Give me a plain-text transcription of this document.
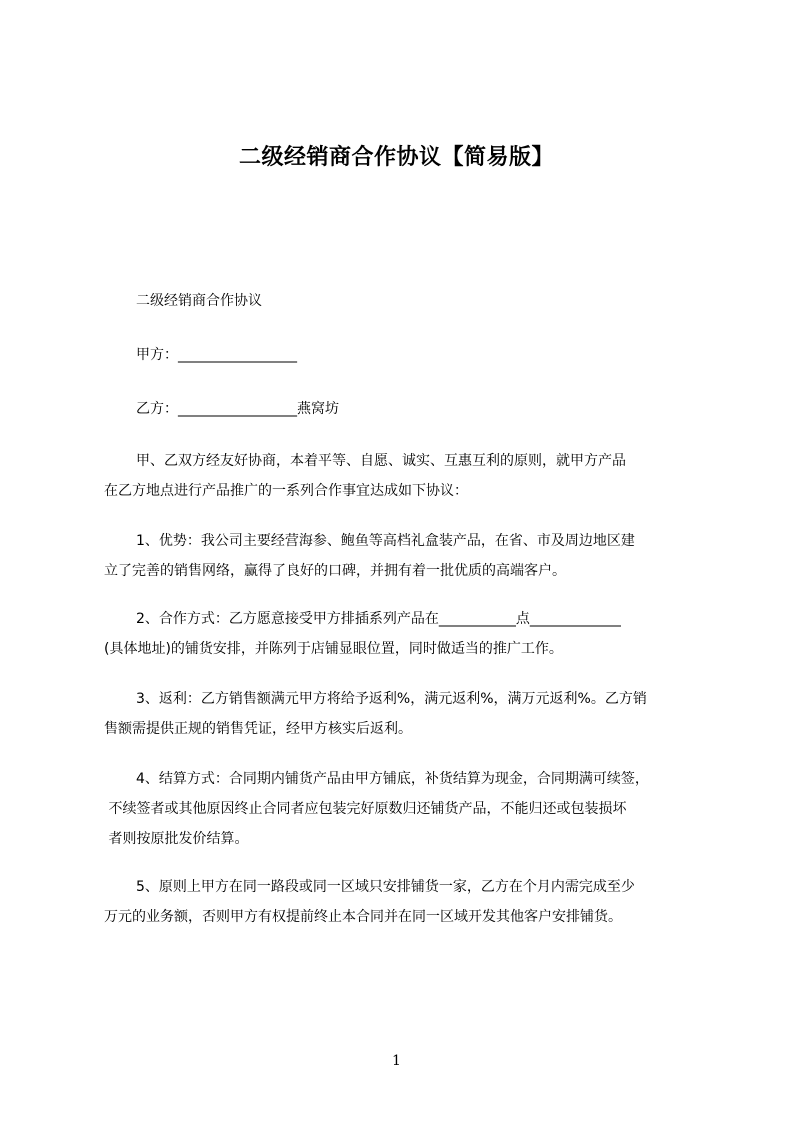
二级经销商合作协议【简易版】
二级经销商合作协议
甲方：_________________
乙方：_________________燕窝坊
甲、乙双方经友好协商，本着平等、自愿、诚实、互惠互利的原则，就甲方产品
在乙方地点进行产品推广的一系列合作事宜达成如下协议：
1、优势：我公司主要经营海参、鲍鱼等高档礼盒装产品，在省、市及周边地区建
立了完善的销售网络，赢得了良好的口碑，并拥有着一批优质的高端客户。
2、合作方式：乙方愿意接受甲方排插系列产品在___________点_____________
(具体地址)的铺货安排，并陈列于店铺显眼位置，同时做适当的推广工作。
3、返利：乙方销售额满元甲方将给予返利%，满元返利%，满万元返利%。乙方销
售额需提供正规的销售凭证，经甲方核实后返利。
4、结算方式：合同期内铺货产品由甲方铺底，补货结算为现金，合同期满可续签，
不续签者或其他原因终止合同者应包装完好原数归还铺货产品，不能归还或包装损坏
者则按原批发价结算。
5、原则上甲方在同一路段或同一区域只安排铺货一家，乙方在个月内需完成至少
万元的业务额，否则甲方有权提前终止本合同并在同一区域开发其他客户安排铺货。
1
